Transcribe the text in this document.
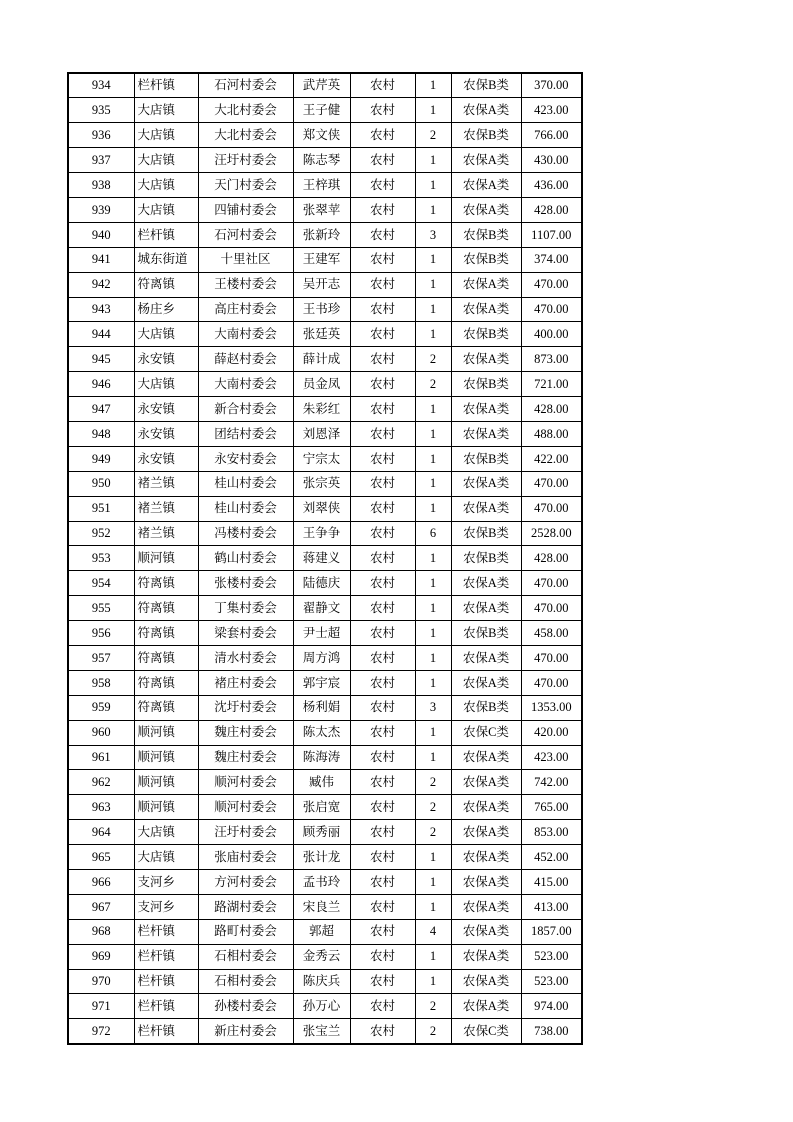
934	栏杆镇	石河村委会	武芹英	农村	1	农保B类	370.00
935	大店镇	大北村委会	王子健	农村	1	农保A类	423.00
936	大店镇	大北村委会	郑文侠	农村	2	农保B类	766.00
937	大店镇	汪圩村委会	陈志琴	农村	1	农保A类	430.00
938	大店镇	天门村委会	王梓琪	农村	1	农保A类	436.00
939	大店镇	四铺村委会	张翠苹	农村	1	农保A类	428.00
940	栏杆镇	石河村委会	张新玲	农村	3	农保B类	1107.00
941	城东街道	十里社区	王建军	农村	1	农保B类	374.00
942	符离镇	王楼村委会	吴开志	农村	1	农保A类	470.00
943	杨庄乡	高庄村委会	王书珍	农村	1	农保A类	470.00
944	大店镇	大南村委会	张廷英	农村	1	农保B类	400.00
945	永安镇	薛赵村委会	薛计成	农村	2	农保A类	873.00
946	大店镇	大南村委会	员金凤	农村	2	农保B类	721.00
947	永安镇	新合村委会	朱彩红	农村	1	农保A类	428.00
948	永安镇	团结村委会	刘恩泽	农村	1	农保A类	488.00
949	永安镇	永安村委会	宁宗太	农村	1	农保B类	422.00
950	褚兰镇	桂山村委会	张宗英	农村	1	农保A类	470.00
951	褚兰镇	桂山村委会	刘翠侠	农村	1	农保A类	470.00
952	褚兰镇	冯楼村委会	王争争	农村	6	农保B类	2528.00
953	顺河镇	鹤山村委会	蒋建义	农村	1	农保B类	428.00
954	符离镇	张楼村委会	陆德庆	农村	1	农保A类	470.00
955	符离镇	丁集村委会	翟静文	农村	1	农保A类	470.00
956	符离镇	梁套村委会	尹士超	农村	1	农保B类	458.00
957	符离镇	清水村委会	周方鸿	农村	1	农保A类	470.00
958	符离镇	褚庄村委会	郭宇宸	农村	1	农保A类	470.00
959	符离镇	沈圩村委会	杨利娟	农村	3	农保B类	1353.00
960	顺河镇	魏庄村委会	陈太杰	农村	1	农保C类	420.00
961	顺河镇	魏庄村委会	陈海涛	农村	1	农保A类	423.00
962	顺河镇	顺河村委会	臧伟	农村	2	农保A类	742.00
963	顺河镇	顺河村委会	张启宽	农村	2	农保A类	765.00
964	大店镇	汪圩村委会	顾秀丽	农村	2	农保A类	853.00
965	大店镇	张庙村委会	张计龙	农村	1	农保A类	452.00
966	支河乡	方河村委会	孟书玲	农村	1	农保A类	415.00
967	支河乡	路湖村委会	宋良兰	农村	1	农保A类	413.00
968	栏杆镇	路町村委会	郭超	农村	4	农保A类	1857.00
969	栏杆镇	石相村委会	金秀云	农村	1	农保A类	523.00
970	栏杆镇	石相村委会	陈庆兵	农村	1	农保A类	523.00
971	栏杆镇	孙楼村委会	孙万心	农村	2	农保A类	974.00
972	栏杆镇	新庄村委会	张宝兰	农村	2	农保C类	738.00
